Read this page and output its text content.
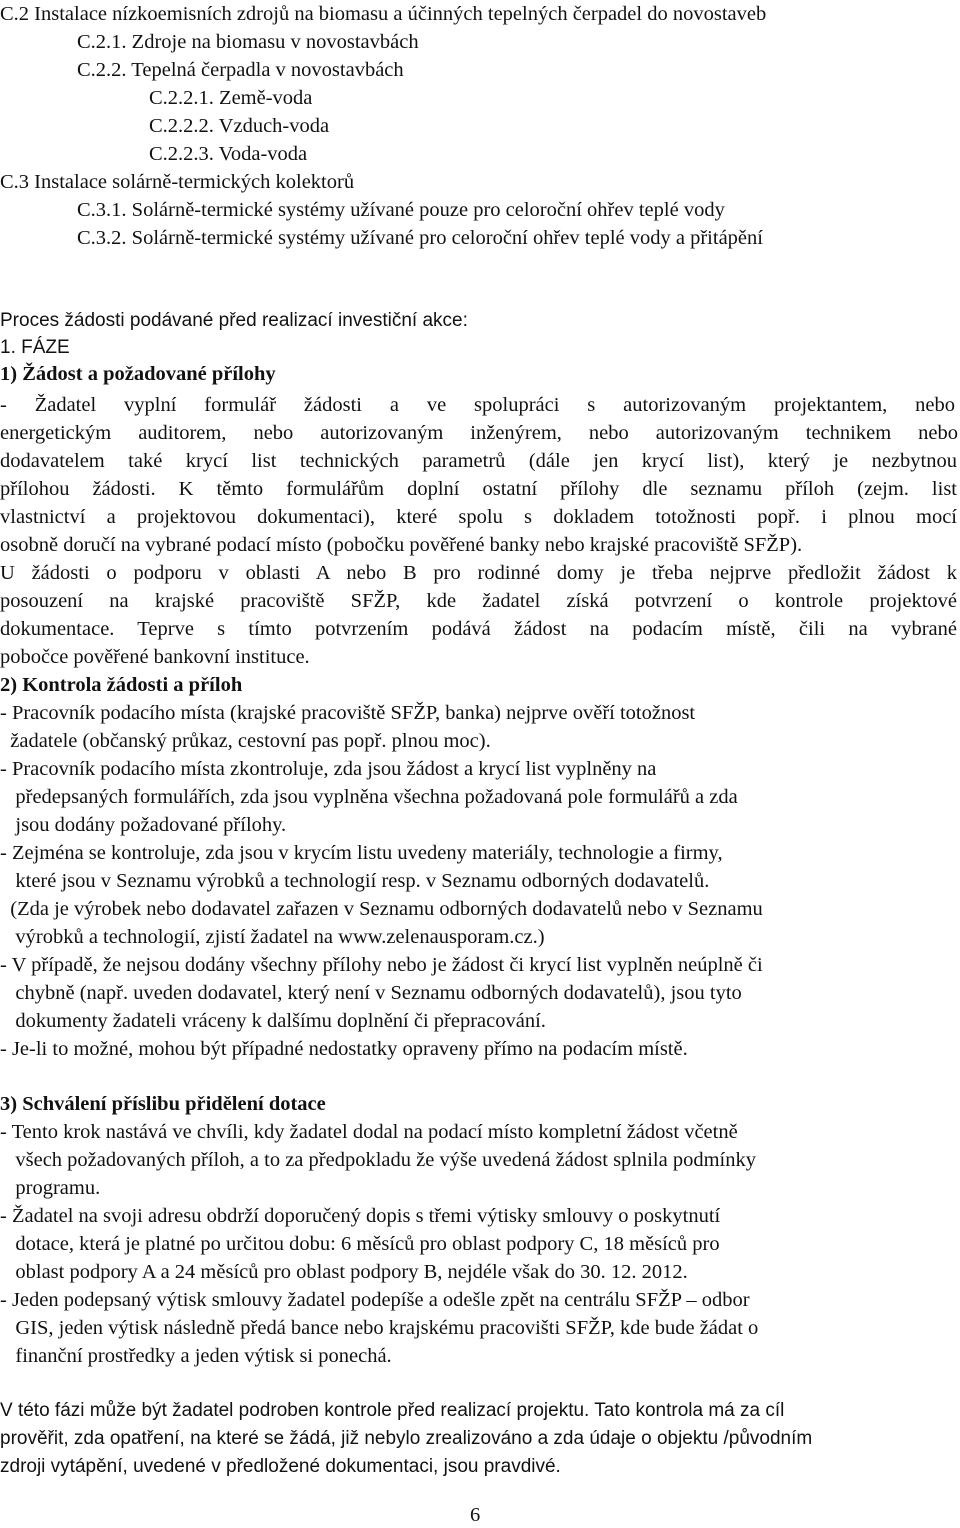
C.2 Instalace nízkoemisních zdrojů na biomasu a účinných tepelných čerpadel do novostaveb
C.2.1. Zdroje na biomasu v novostavbách
C.2.2. Tepelná čerpadla v novostavbách
C.2.2.1. Země-voda
C.2.2.2. Vzduch-voda
C.2.2.3. Voda-voda
C.3 Instalace solárně-termických kolektorů
C.3.1. Solárně-termické systémy užívané pouze pro celoroční ohřev teplé vody
C.3.2. Solárně-termické systémy užívané pro celoroční ohřev teplé vody a přitápění
Proces žádosti podávané před realizací investiční akce:
1. FÁZE
1) Žádost a požadované přílohy
- Žadatel vyplní formulář žádosti a ve spolupráci s autorizovaným projektantem, nebo
energetickým auditorem, nebo autorizovaným inženýrem, nebo autorizovaným technikem nebo
dodavatelem také krycí list technických parametrů (dále jen krycí list), který je nezbytnou
přílohou žádosti. K těmto formulářům doplní ostatní přílohy dle seznamu příloh (zejm. list
vlastnictví a projektovou dokumentaci), které spolu s dokladem totožnosti popř. i plnou mocí
osobně doručí na vybrané podací místo (pobočku pověřené banky nebo krajské pracoviště SFŽP).
U žádosti o podporu v oblasti A nebo B pro rodinné domy je třeba nejprve předložit žádost k
posouzení na krajské pracoviště SFŽP, kde žadatel získá potvrzení o kontrole projektové
dokumentace. Teprve s tímto potvrzením podává žádost na podacím místě, čili na vybrané
pobočce pověřené bankovní instituce.
2) Kontrola žádosti a příloh
- Pracovník podacího místa (krajské pracoviště SFŽP, banka) nejprve ověří totožnost
žadatele (občanský průkaz, cestovní pas popř. plnou moc).
- Pracovník podacího místa zkontroluje, zda jsou žádost a krycí list vyplněny na
předepsaných formulářích, zda jsou vyplněna všechna požadovaná pole formulářů a zda
jsou dodány požadované přílohy.
- Zejména se kontroluje, zda jsou v krycím listu uvedeny materiály, technologie a firmy,
které jsou v Seznamu výrobků a technologií resp. v Seznamu odborných dodavatelů.
(Zda je výrobek nebo dodavatel zařazen v Seznamu odborných dodavatelů nebo v Seznamu
výrobků a technologií, zjistí žadatel na www.zelenausporam.cz.)
- V případě, že nejsou dodány všechny přílohy nebo je žádost či krycí list vyplněn neúplně či
chybně (např. uveden dodavatel, který není v Seznamu odborných dodavatelů), jsou tyto
dokumenty žadateli vráceny k dalšímu doplnění či přepracování.
- Je-li to možné, mohou být případné nedostatky opraveny přímo na podacím místě.
3) Schválení příslibu přidělení dotace
- Tento krok nastává ve chvíli, kdy žadatel dodal na podací místo kompletní žádost včetně
všech požadovaných příloh, a to za předpokladu že výše uvedená žádost splnila podmínky
programu.
- Žadatel na svoji adresu obdrží doporučený dopis s třemi výtisky smlouvy o poskytnutí
dotace, která je platné po určitou dobu: 6 měsíců pro oblast podpory C, 18 měsíců pro
oblast podpory A a 24 měsíců pro oblast podpory B, nejdéle však do 30. 12. 2012.
- Jeden podepsaný výtisk smlouvy žadatel podepíše a odešle zpět na centrálu SFŽP – odbor
GIS, jeden výtisk následně předá bance nebo krajskému pracovišti SFŽP, kde bude žádat o
finanční prostředky a jeden výtisk si ponechá.
V této fázi může být žadatel podroben kontrole před realizací projektu. Tato kontrola má za cíl
prověřit, zda opatření, na které se žádá, již nebylo zrealizováno a zda údaje o objektu /původním
zdroji vytápění, uvedené v předložené dokumentaci, jsou pravdivé.
6
